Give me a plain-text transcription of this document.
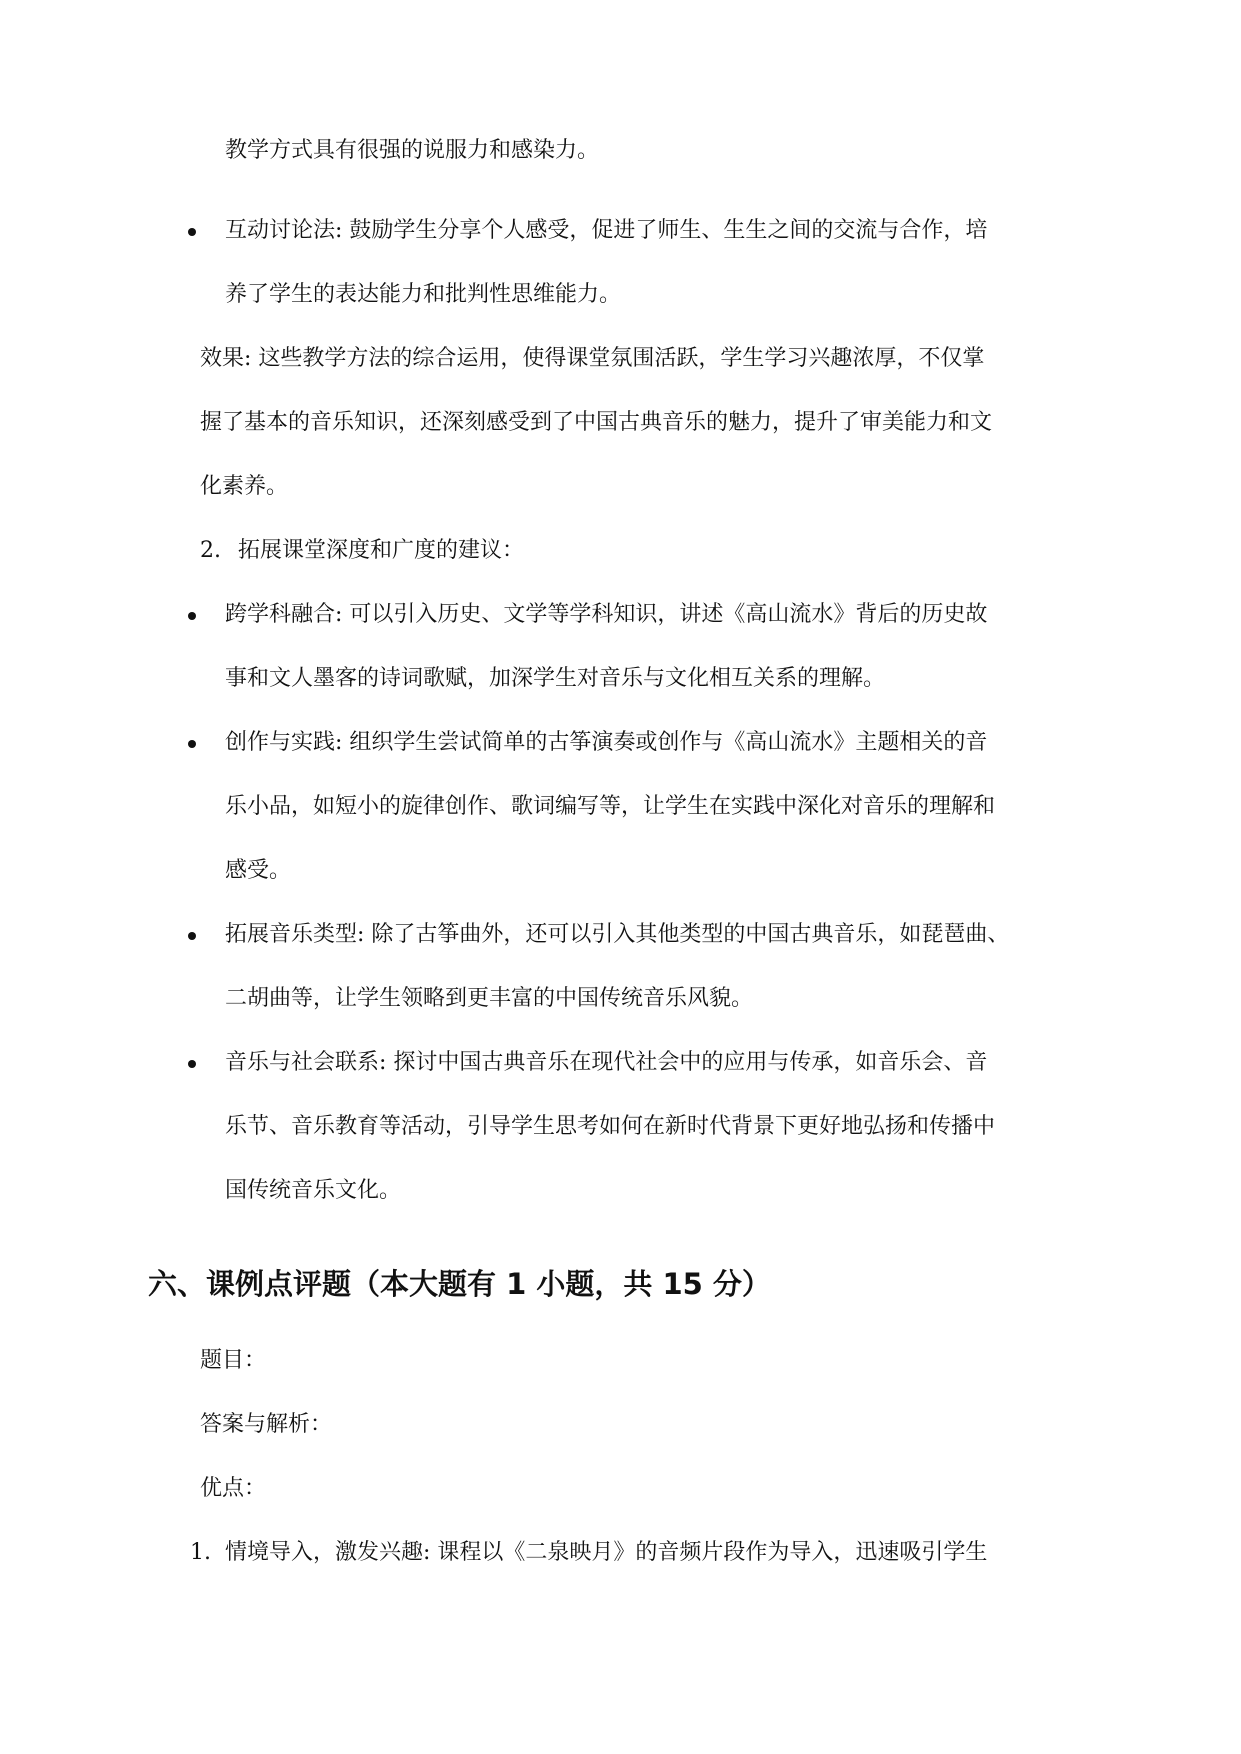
教学方式具有很强的说服力和感染力。
互动讨论法: 鼓励学生分享个人感受，促进了师生、生生之间的交流与合作，培
养了学生的表达能力和批判性思维能力。
效果: 这些教学方法的综合运用，使得课堂氛围活跃，学生学习兴趣浓厚，不仅掌
握了基本的音乐知识，还深刻感受到了中国古典音乐的魅力，提升了审美能力和文
化素养。
2. 拓展课堂深度和广度的建议：
跨学科融合: 可以引入历史、文学等学科知识，讲述《高山流水》背后的历史故
事和文人墨客的诗词歌赋，加深学生对音乐与文化相互关系的理解。
创作与实践: 组织学生尝试简单的古筝演奏或创作与《高山流水》主题相关的音
乐小品，如短小的旋律创作、歌词编写等，让学生在实践中深化对音乐的理解和
感受。
拓展音乐类型: 除了古筝曲外，还可以引入其他类型的中国古典音乐，如琵琶曲、
二胡曲等，让学生领略到更丰富的中国传统音乐风貌。
音乐与社会联系: 探讨中国古典音乐在现代社会中的应用与传承，如音乐会、音
乐节、音乐教育等活动，引导学生思考如何在新时代背景下更好地弘扬和传播中
国传统音乐文化。
六、课例点评题（本大题有 1 小题，共 15 分）
题目：
答案与解析：
优点：
1. 情境导入，激发兴趣: 课程以《二泉映月》的音频片段作为导入，迅速吸引学生
